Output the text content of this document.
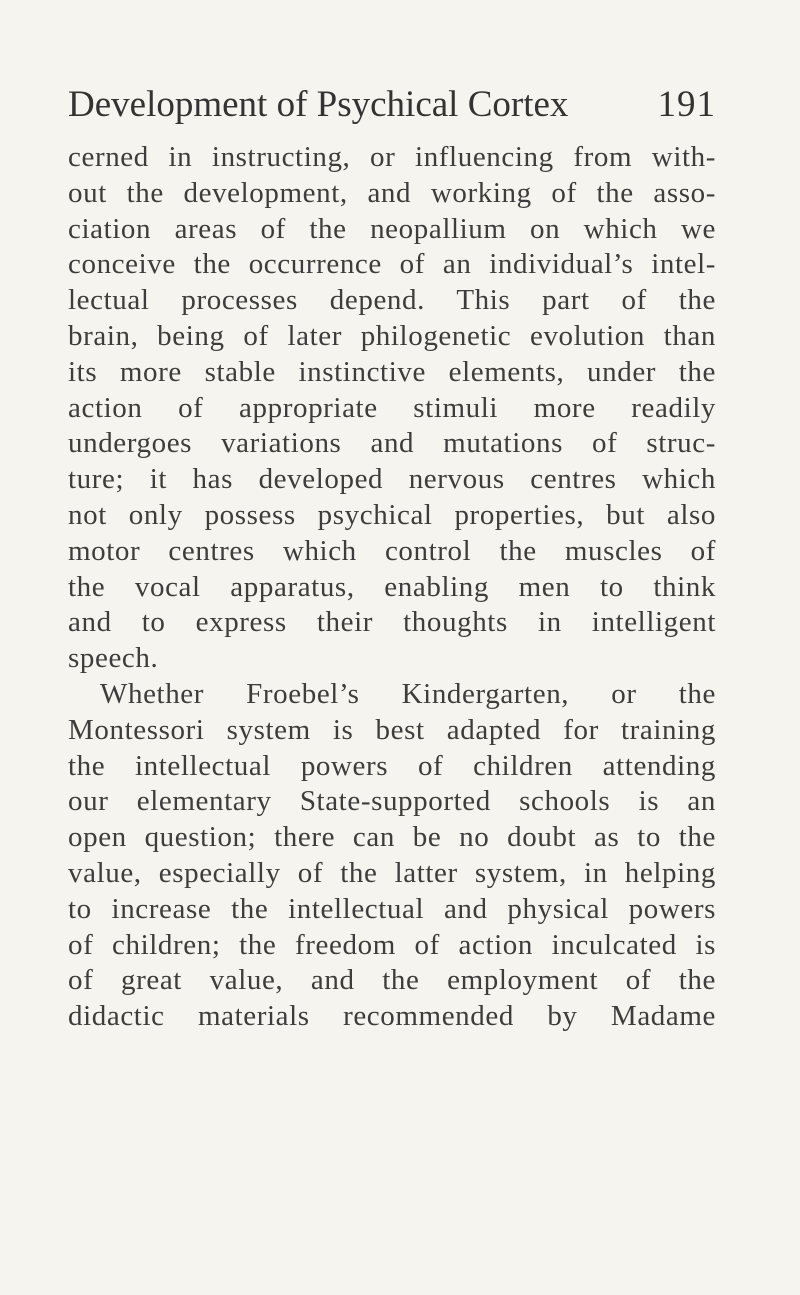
Development of Psychical Cortex 191
cerned in instructing, or influencing from with-
out the development, and working of the asso-
ciation areas of the neopallium on which we
conceive the occurrence of an individual’s intel-
lectual processes depend. This part of the
brain, being of later philogenetic evolution than
its more stable instinctive elements, under the
action of appropriate stimuli more readily
undergoes variations and mutations of struc-
ture; it has developed nervous centres which
not only possess psychical properties, but also
motor centres which control the muscles of
the vocal apparatus, enabling men to think
and to express their thoughts in intelligent
speech.
Whether Froebel’s Kindergarten, or the
Montessori system is best adapted for training
the intellectual powers of children attending
our elementary State-supported schools is an
open question; there can be no doubt as to the
value, especially of the latter system, in helping
to increase the intellectual and physical powers
of children; the freedom of action inculcated is
of great value, and the employment of the
didactic materials recommended by Madame
